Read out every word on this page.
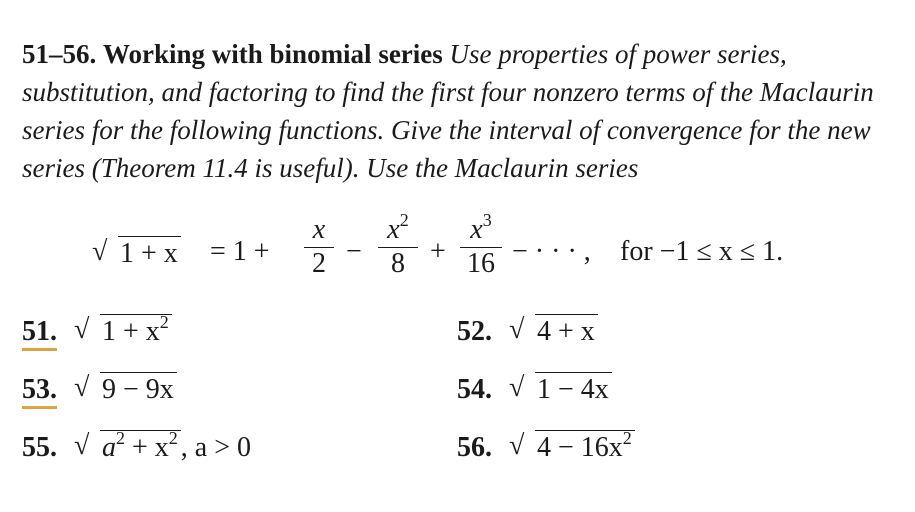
51–56. Working with binomial series Use properties of power series, substitution, and factoring to find the first four nonzero terms of the Maclaurin series for the following functions. Give the interval of convergence for the new series (Theorem 11.4 is useful). Use the Maclaurin series

√ 1 + x = 1 +
x
2 −
$x^2$
8 +
$x^3$
16 − · · · , for −1 ≤ x ≤ 1.
51. √ $1 + x^2$	52. √ 4 + x
53. √ 9 − 9x	54. √ 1 − 4x
55. √ $a^2 + x^2$ , a > 0	56. √ $4 - 16x^2$
